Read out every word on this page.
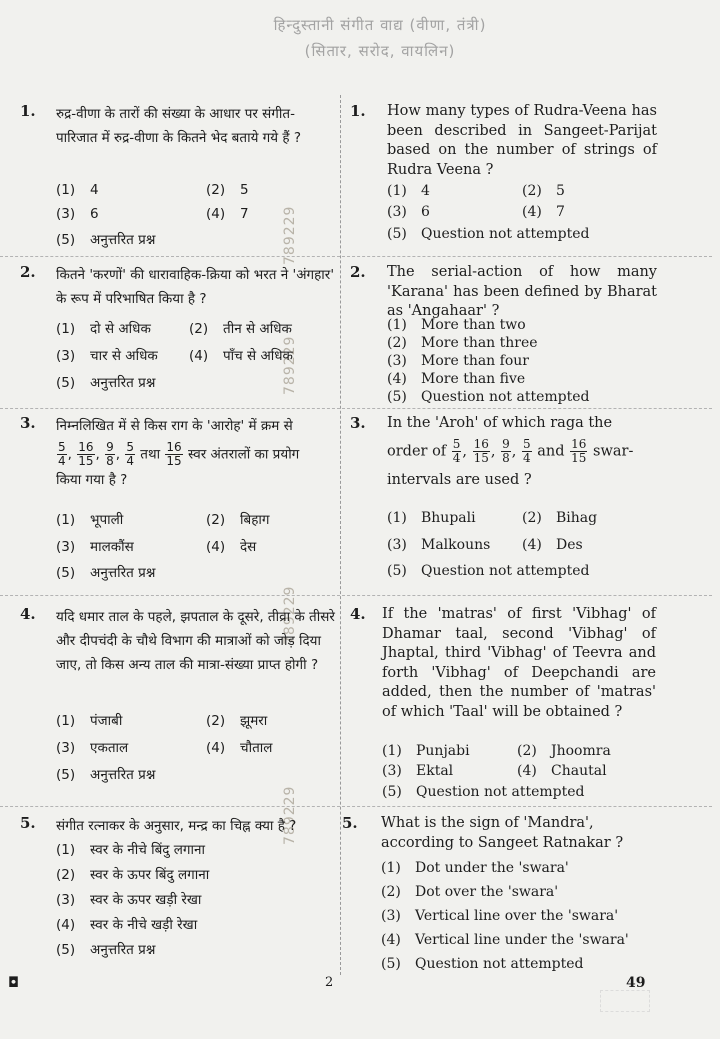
हिन्दुस्तानी संगीत वाद्य (वीणा, तंत्री)
(सितार, सरोद, वायलिन)
789229
789229
789229
789229
1. रुद्र-वीणा के तारों की संख्या के आधार पर संगीत-पारिजात में रुद्र-वीणा के कितने भेद बताये गये हैं ?
(1) 4	(2) 5
(3) 6	(4) 7
(5) अनुत्तरित प्रश्न
1. How many types of Rudra-Veena has been described in Sangeet-Parijat based on the number of strings of Rudra Veena ?
(1) 4	(2) 5
(3) 6	(4) 7
(5) Question not attempted
2. कितने 'करणों' की धारावाहिक-क्रिया को भरत ने 'अंगहार' के रूप में परिभाषित किया है ?
(1) दो से अधिक	(2) तीन से अधिक
(3) चार से अधिक (4) पाँच से अधिक
(5) अनुत्तरित प्रश्न
2. The serial-action of how many 'Karana' has been defined by Bharat as 'Angahaar' ?
(1) More than two
(2) More than three
(3) More than four
(4) More than five
(5) Question not attempted
3. निम्नलिखित में से किस राग के 'आरोह' में क्रम से
$\frac{5}{4}$ , $\frac{16}{15}$ , $\frac{9}{8}$ , $\frac{5}{4}$ तथा $\frac{16}{15}$ स्वर अंतरालों का प्रयोग
किया गया है ?
(1) भूपाली	(2) बिहाग
(3) मालकौंस	(4) देस
(5) अनुत्तरित प्रश्न
3. In the 'Aroh' of which raga the
order of $\frac{5}{4}$ , $\frac{16}{15}$ , $\frac{9}{8}$ , $\frac{5}{4}$ and $\frac{16}{15}$ swar-
intervals are used ?
(1) Bhupali	(2) Bihag
(3) Malkouns (4) Des
(5) Question not attempted
4. यदि धमार ताल के पहले, झपताल के दूसरे, तीव्रा के तीसरे और दीपचंदी के चौथे विभाग की मात्राओं को जोड़ दिया जाए, तो किस अन्य ताल की मात्रा-संख्या प्राप्त होगी ?
(1) पंजाबी	(2) झूमरा
(3) एकताल	(4) चौताल
(5) अनुत्तरित प्रश्न
4. If the 'matras' of first 'Vibhag' of Dhamar taal, second 'Vibhag' of Jhaptal, third 'Vibhag' of Teevra and forth 'Vibhag' of Deepchandi are added, then the number of 'matras' of which 'Taal' will be obtained ?
(1) Punjabi	(2) Jhoomra
(3) Ektal	(4) Chautal
(5) Question not attempted
5. संगीत रत्नाकर के अनुसार, मन्द्र का चिह्न क्या है ?
(1) स्वर के नीचे बिंदु लगाना
(2) स्वर के ऊपर बिंदु लगाना
(3) स्वर के ऊपर खड़ी रेखा
(4) स्वर के नीचे खड़ी रेखा
(5) अनुत्तरित प्रश्न
5. What is the sign of 'Mandra', according to Sangeet Ratnakar ?
(1) Dot under the 'swara'
(2) Dot over the 'swara'
(3) Vertical line over the 'swara'
(4) Vertical line under the 'swara'
(5) Question not attempted
◘	2	49
